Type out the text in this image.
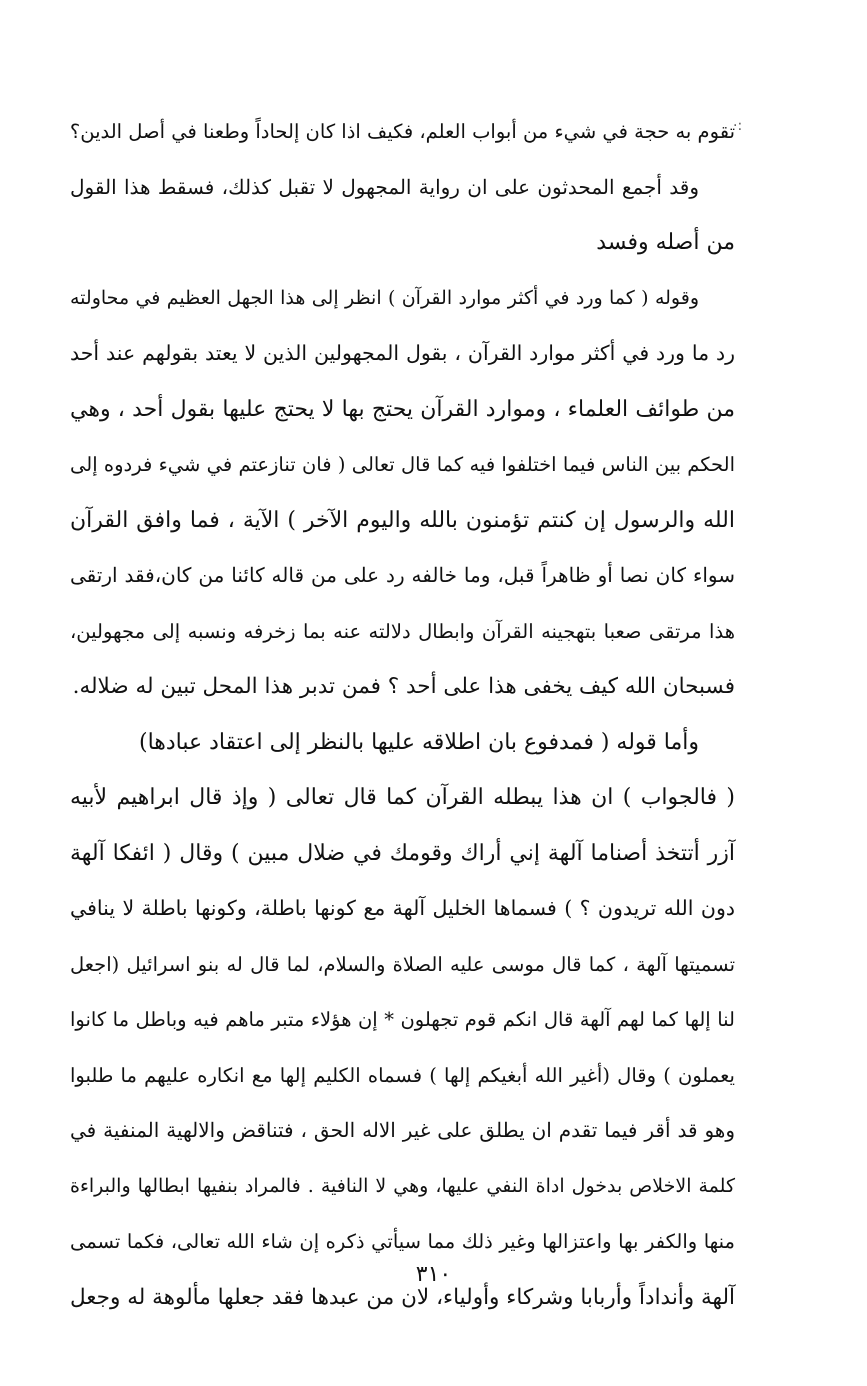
·:
تقوم به حجة في شيء من أبواب العلم، فكيف اذا كان إلحاداً وطعنا في أصل الدين؟
وقد أجمع المحدثون على ان رواية المجهول لا تقبل كذلك، فسقط هذا القول
من أصله وفسد
وقوله ( كما ورد في أكثر موارد القرآن ) انظر إلى هذا الجهل العظيم في محاولته
رد ما ورد في أكثر موارد القرآن ، بقول المجهولين الذين لا يعتد بقولهم عند أحد
من طوائف العلماء ، وموارد القرآن يحتج بها لا يحتج عليها بقول أحد ، وهي
الحكم بين الناس فيما اختلفوا فيه كما قال تعالى ( فان تنازعتم في شيء فردوه إلى
الله والرسول إن كنتم تؤمنون بالله واليوم الآخر ) الآية ، فما وافق القرآن
سواء كان نصا أو ظاهراً قبل، وما خالفه رد على من قاله كائنا من كان،فقد ارتقى
هذا مرتقى صعبا بتهجينه القرآن وابطال دلالته عنه بما زخرفه ونسبه إلى مجهولين،
فسبحان الله كيف يخفى هذا على أحد ؟ فمن تدبر هذا المحل تبين له ضلاله.
وأما قوله ( فمدفوع بان اطلاقه عليها بالنظر إلى اعتقاد عبادها)
( فالجواب ) ان هذا يبطله القرآن كما قال تعالى ( وإذ قال ابراهيم لأبيه
آزر أتتخذ أصناما آلهة إني أراك وقومك في ضلال مبين ) وقال ( ائفكا آلهة
دون الله تريدون ؟ ) فسماها الخليل آلهة مع كونها باطلة، وكونها باطلة لا ينافي
تسميتها آلهة ، كما قال موسى عليه الصلاة والسلام، لما قال له بنو اسرائيل (اجعل
لنا إلها كما لهم آلهة قال انكم قوم تجهلون * إن هؤلاء متبر ماهم فيه وباطل ما كانوا
يعملون ) وقال (أغير الله أبغيكم إلها ) فسماه الكليم إلها مع انكاره عليهم ما طلبوا
وهو قد أقر فيما تقدم ان يطلق على غير الاله الحق ، فتناقض والالهية المنفية في
كلمة الاخلاص بدخول اداة النفي عليها، وهي لا النافية . فالمراد بنفيها ابطالها والبراءة
منها والكفر بها واعتزالها وغير ذلك مما سيأتي ذكره إن شاء الله تعالى، فكما تسمى
آلهة وأنداداً وأربابا وشركاء وأولياء، لان من عبدها فقد جعلها مألوهة له وجعل
٣١٠
